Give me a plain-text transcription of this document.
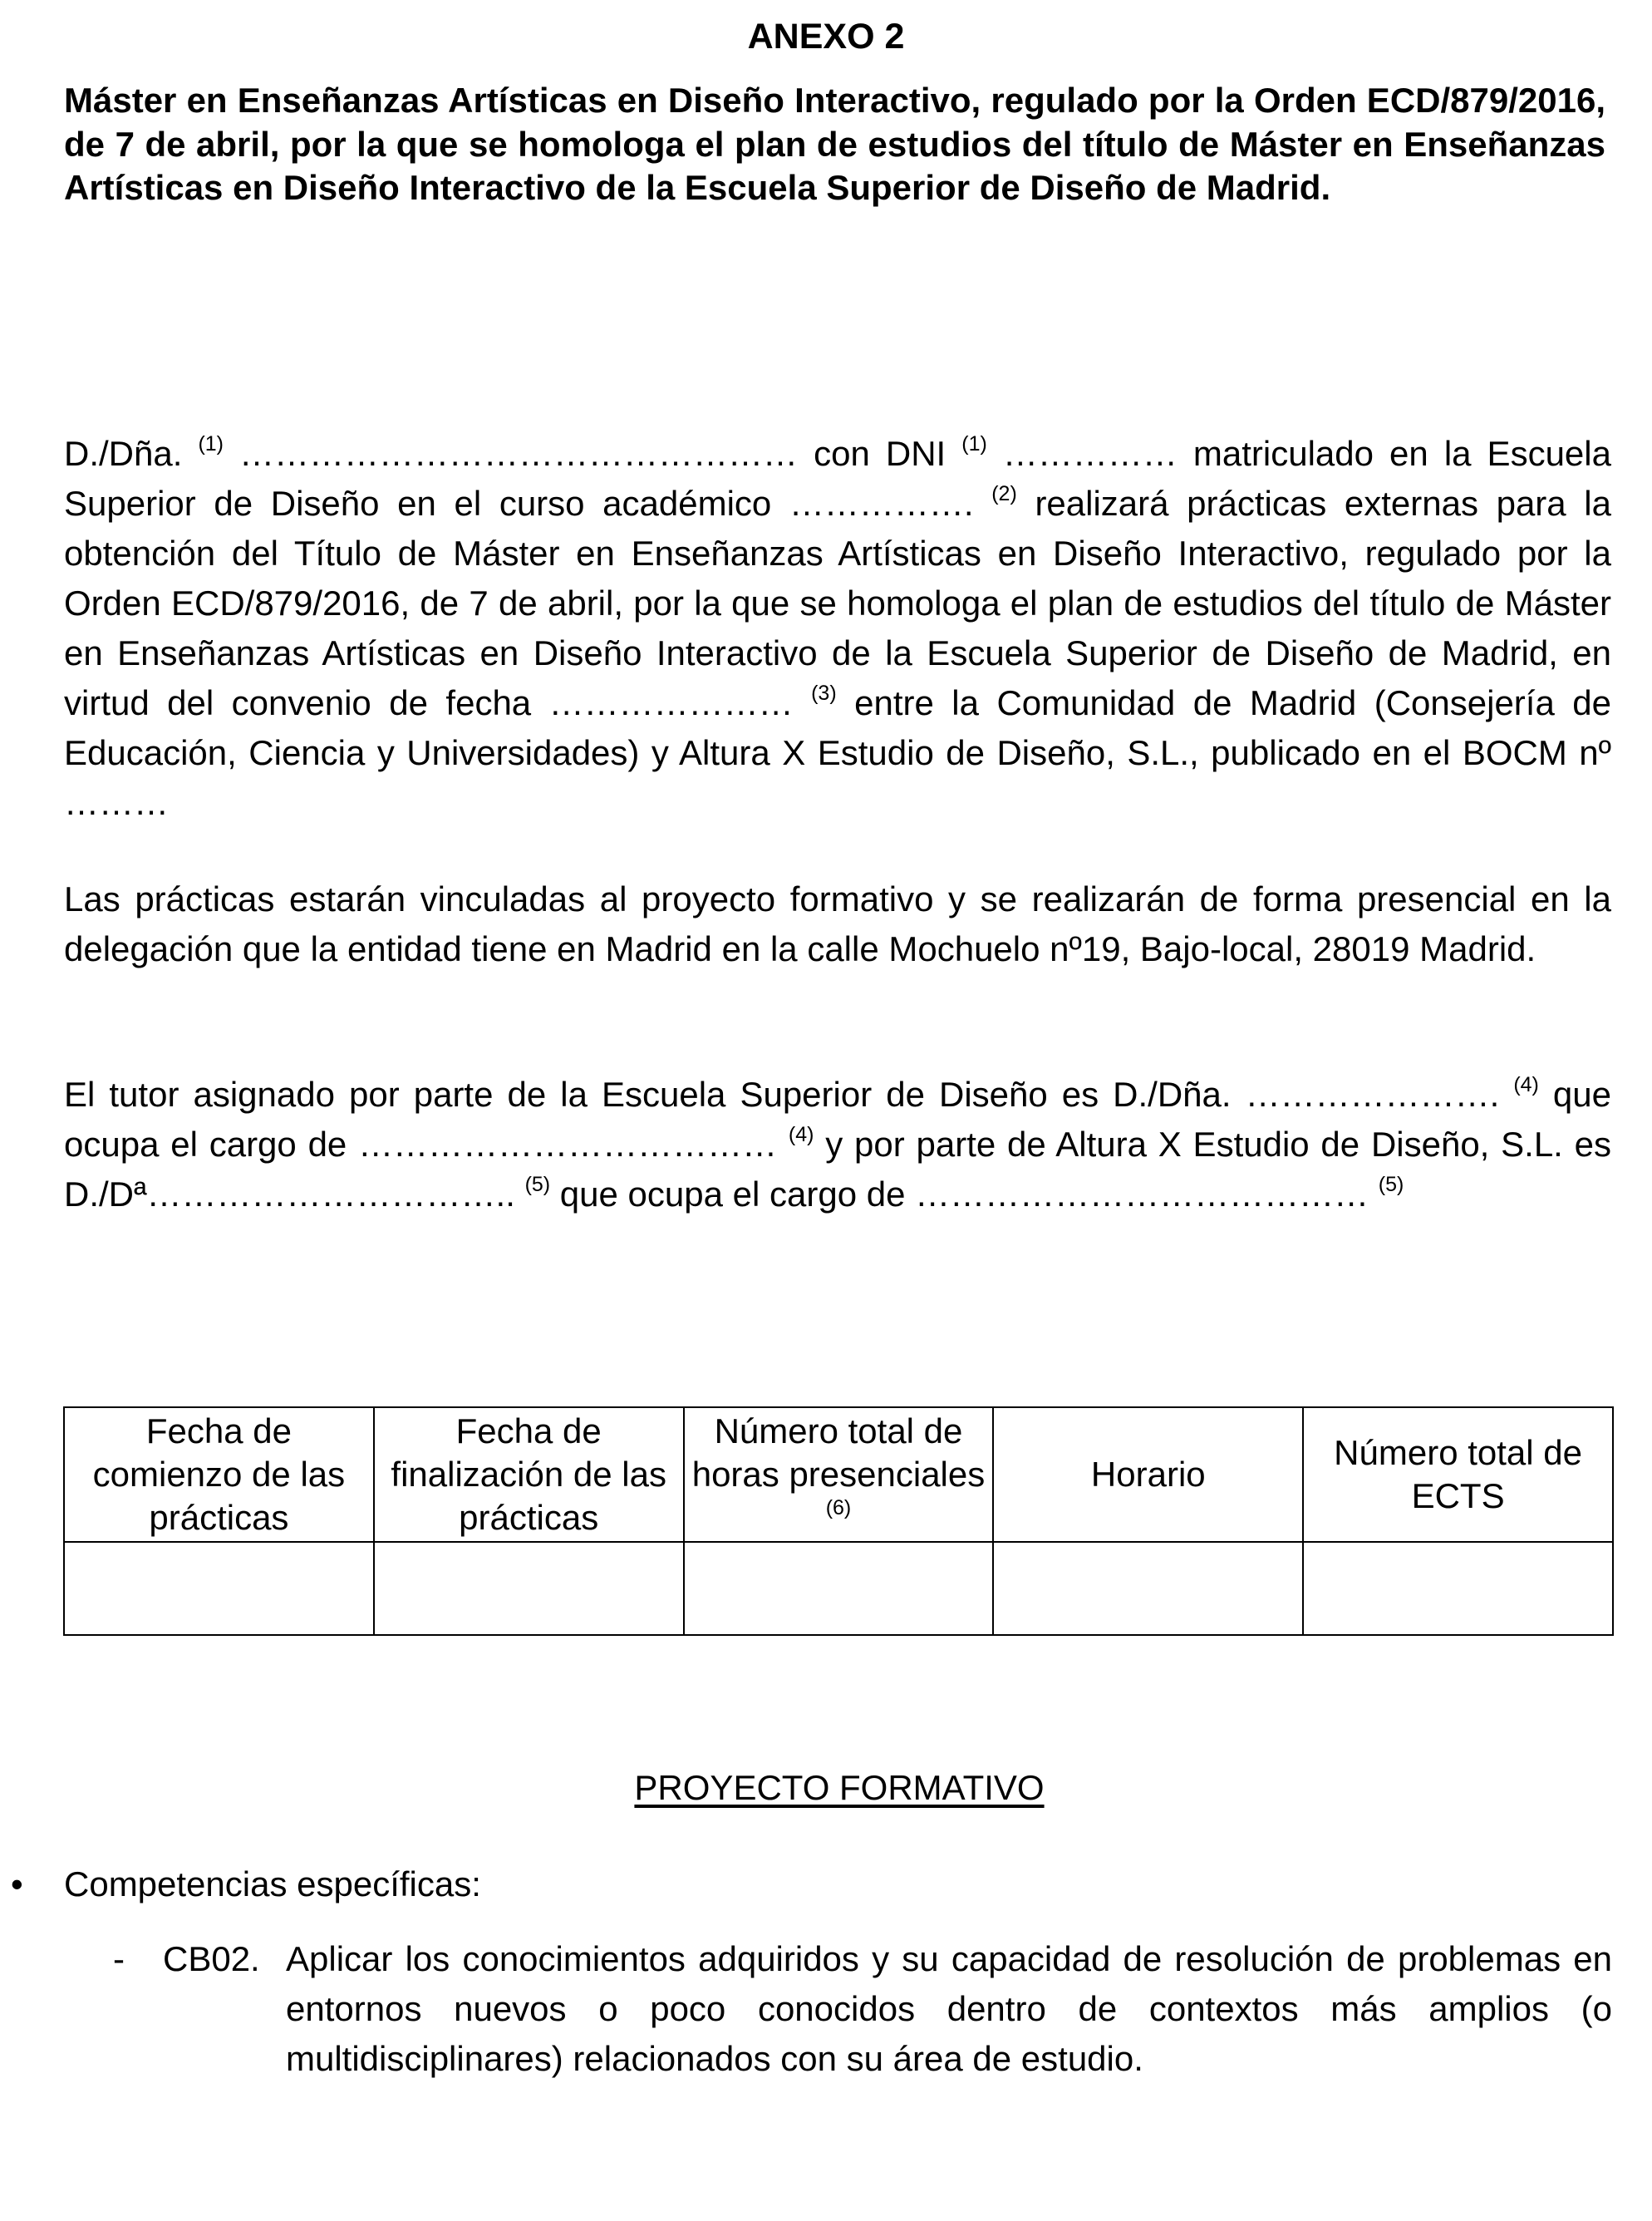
ANEXO 2
Máster en Enseñanzas Artísticas en Diseño Interactivo, regulado por la Orden ECD/879/2016, de 7 de abril, por la que se homologa el plan de estudios del título de Máster en Enseñanzas Artísticas en Diseño Interactivo de la Escuela Superior de Diseño de Madrid.

D./Dña. $^{(1)}$ ………………………………………… con DNI $^{(1)}$ …………… matriculado en la Escuela Superior de Diseño en el curso académico ……………. $^{(2)}$ realizará prácticas externas para la obtención del Título de Máster en Enseñanzas Artísticas en Diseño Interactivo, regulado por la Orden ECD/879/2016, de 7 de abril, por la que se homologa el plan de estudios del título de Máster en Enseñanzas Artísticas en Diseño Interactivo de la Escuela Superior de Diseño de Madrid, en virtud del convenio de fecha ………………… $^{(3)}$ entre la Comunidad de Madrid (Consejería de Educación, Ciencia y Universidades) y Altura X Estudio de Diseño, S.L., publicado en el BOCM nº ………

Las prácticas estarán vinculadas al proyecto formativo y se realizarán de forma presencial en la delegación que la entidad tiene en Madrid en la calle Mochuelo nº19, Bajo-local, 28019 Madrid.

El tutor asignado por parte de la Escuela Superior de Diseño es D./Dña. …………………. $^{(4)}$ que ocupa el cargo de ……………………………… $^{(4)}$ y por parte de Altura X Estudio de Diseño, S.L. es D./Dª………………………….. $^{(5)}$ que ocupa el cargo de ………………………………… $^{(5)}$

Fecha de comienzo de las prácticas	Fecha de finalización de las prácticas	Número total de horas presenciales $^{(6)}$	Horario	Número total de ECTS

PROYECTO FORMATIVO
• Competencias específicas:
- CB02. Aplicar los conocimientos adquiridos y su capacidad de resolución de problemas en entornos nuevos o poco conocidos dentro de contextos más amplios (o multidisciplinares) relacionados con su área de estudio.
